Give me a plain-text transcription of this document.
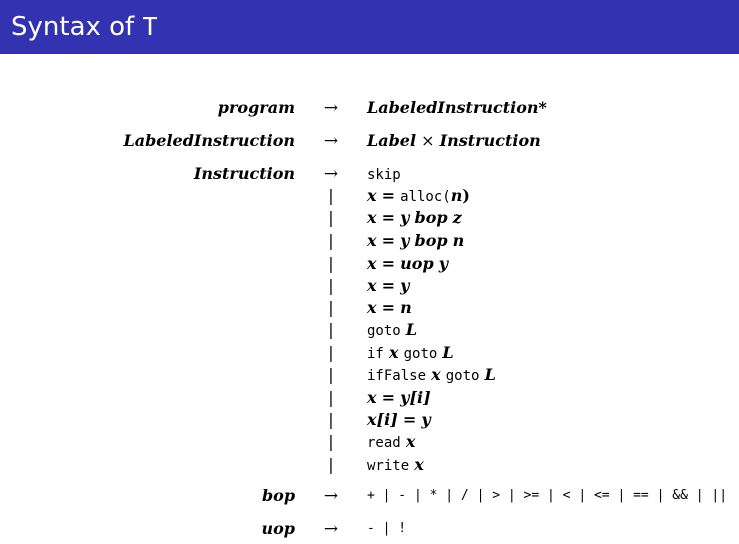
Syntax of T
program →	LabeledInstruction*
LabeledInstruction →	Label × Instruction
Instruction →	skip
| x = alloc(n)
| x = y bop z
| x = y bop n
| x = uop y
| x = y
| x = n
|	goto L
|	if x goto L
|	ifFalse x goto L
| x = y[i]
| x[i] = y
|	read x
|	write x
bop →	+ | - | * | / | > | >= | < | <= | == | && | ||
uop →	- | !
